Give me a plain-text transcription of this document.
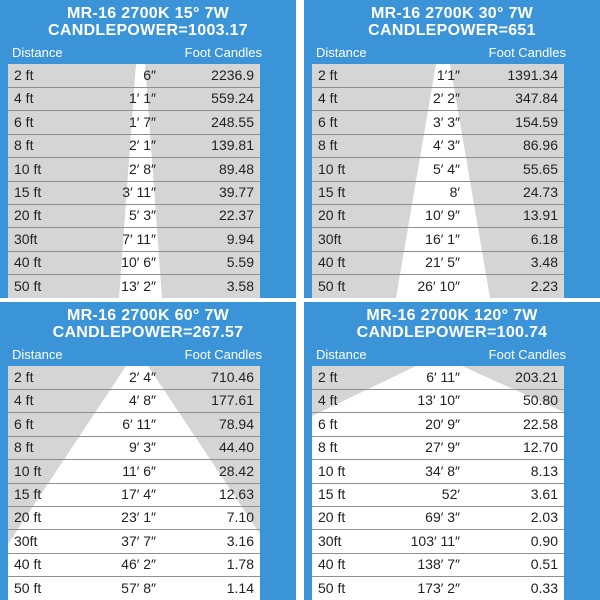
MR-16 2700K 15° 7W
CANDLEPOWER=1003.17
Distance	Foot Candles
2 ft	6″	2236.9
4 ft	1′ 1″	559.24
6 ft	1′ 7″	248.55
8 ft	2′ 1″	139.81
10 ft	2′ 8″	89.48
15 ft	3′ 11″	39.77
20 ft	5′ 3″	22.37
30ft	7′ 11″	9.94
40 ft	10′ 6″	5.59
50 ft	13′ 2″	3.58
MR-16 2700K 30° 7W
CANDLEPOWER=651
Distance	Foot Candles
2 ft	1′1″	1391.34
4 ft	2′ 2″	347.84
6 ft	3′ 3″	154.59
8 ft	4′ 3″	86.96
10 ft	5′ 4″	55.65
15 ft	8′	24.73
20 ft	10′ 9″	13.91
30ft	16′ 1″	6.18
40 ft	21′ 5″	3.48
50 ft	26′ 10″	2.23
MR-16 2700K 60° 7W
CANDLEPOWER=267.57
Distance	Foot Candles
2 ft	2′ 4″	710.46
4 ft	4′ 8″	177.61
6 ft	6′ 11″	78.94
8 ft	9′ 3″	44.40
10 ft	11′ 6″	28.42
15 ft	17′ 4″	12.63
20 ft	23′ 1″	7.10
30ft	37′ 7″	3.16
40 ft	46′ 2″	1.78
50 ft	57′ 8″	1.14
MR-16 2700K 120° 7W
CANDLEPOWER=100.74
Distance	Foot Candles
2 ft	6′ 11″	203.21
4 ft	13′ 10″	50.80
6 ft	20′ 9″	22.58
8 ft	27′ 9″	12.70
10 ft	34′ 8″	8.13
15 ft	52′	3.61
20 ft	69′ 3″	2.03
30ft	103′ 11″	0.90
40 ft	138′ 7″	0.51
50 ft	173′ 2″	0.33
